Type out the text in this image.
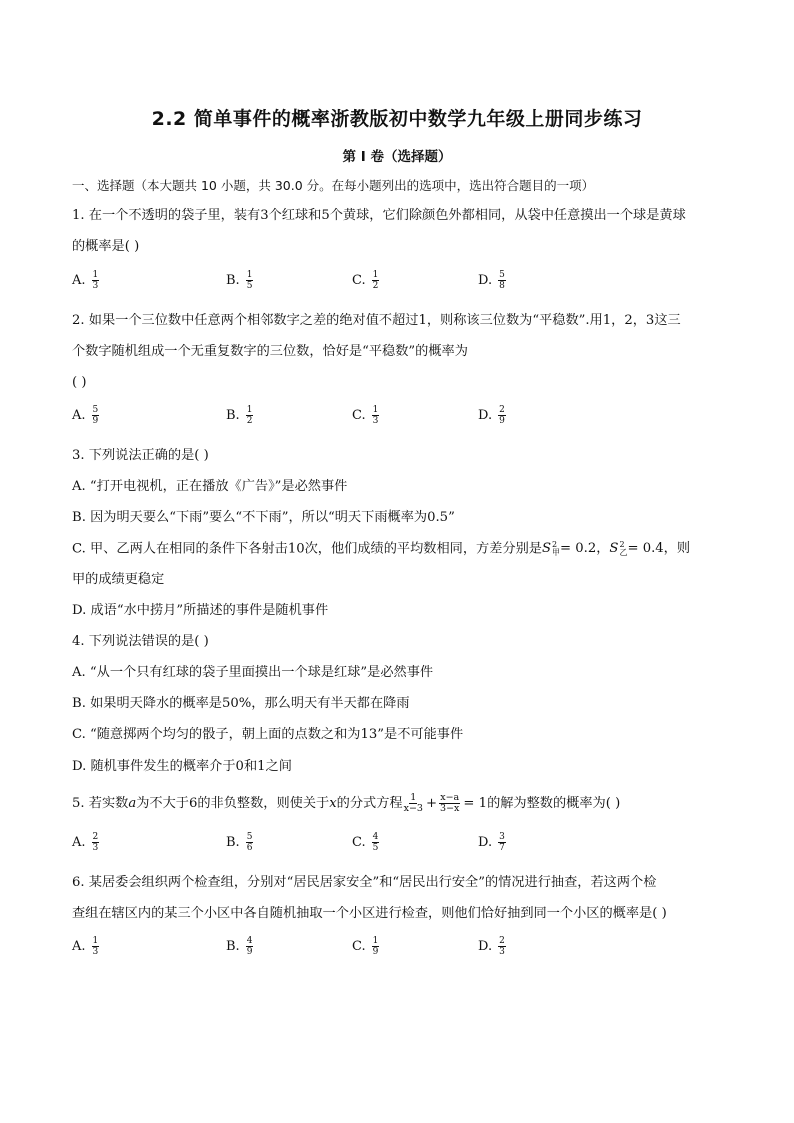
2.2 简单事件的概率浙教版初中数学九年级上册同步练习
第 I 卷（选择题）
一、选择题（本大题共 10 小题，共 30.0 分。在每小题列出的选项中，选出符合题目的一项）
1. 在一个不透明的袋子里，装有3个红球和5个黄球，它们除颜色外都相同，从袋中任意摸出一个球是黄球
的概率是( )
A. $\frac{1}{3}$	B. $\frac{1}{5}$	C. $\frac{1}{2}$	D. $\frac{5}{8}$
2. 如果一个三位数中任意两个相邻数字之差的绝对值不超过1，则称该三位数为“平稳数”.用1，2，3这三
个数字随机组成一个无重复数字的三位数，恰好是“平稳数”的概率为
( )
A. $\frac{5}{9}$	B. $\frac{1}{2}$	C. $\frac{1}{3}$	D. $\frac{2}{9}$
3. 下列说法正确的是( )
A. “打开电视机，正在播放《广告》”是必然事件
B. 因为明天要么“下雨”要么“不下雨”，所以“明天下雨概率为0.5”
C. 甲、乙两人在相同的条件下各射击10次，他们成绩的平均数相同，方差分别是 S 2
甲 = 0.2， S 2
乙 = 0.4，则
甲的成绩更稳定
D. 成语“水中捞月”所描述的事件是随机事件
4. 下列说法错误的是( )
A. “从一个只有红球的袋子里面摸出一个球是红球”是必然事件
B. 如果明天降水的概率是50%，那么明天有半天都在降雨
C. “随意掷两个均匀的骰子，朝上面的点数之和为13”是不可能事件
D. 随机事件发生的概率介于0和1之间
5. 若实数a为不大于6的非负整数，则使关于x的分式方程 $\frac{1}{x-3} + \frac{x-a}{3-x} = 1$ 的解为整数的概率为( )
A. $\frac{2}{3}$	B. $\frac{5}{6}$	C. $\frac{4}{5}$	D. $\frac{3}{7}$
6. 某居委会组织两个检查组，分别对“居民居家安全”和“居民出行安全”的情况进行抽查，若这两个检
查组在辖区内的某三个小区中各自随机抽取一个小区进行检查，则他们恰好抽到同一个小区的概率是( )
A. $\frac{1}{3}$	B. $\frac{4}{9}$	C. $\frac{1}{9}$	D. $\frac{2}{3}$
